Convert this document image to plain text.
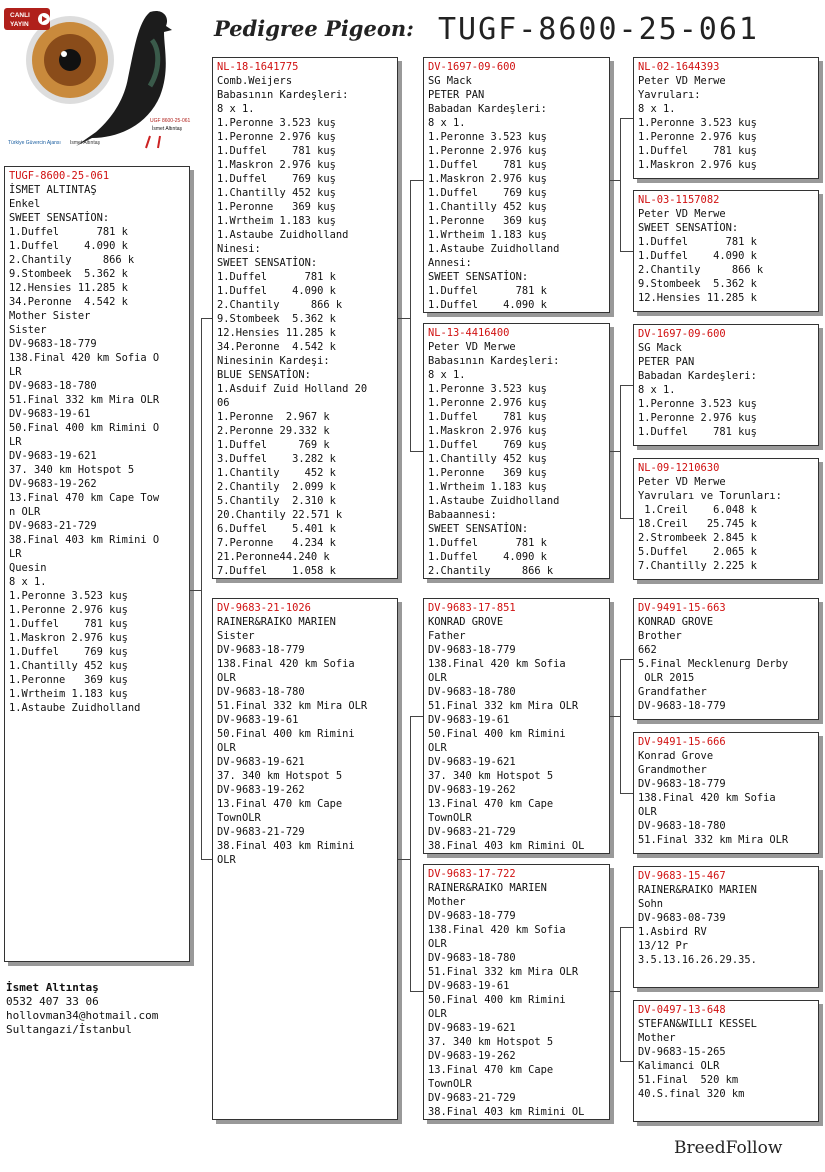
CANLI
YAYIN
Türkiye Güvercin Ajansı Ismet Altıntaş
UGF 8600-25-061
İsmet Altıntaş
Pedigree Pigeon: TUGF-8600-25-061
TUGF-8600-25-061
İSMET ALTINTAŞ
Enkel
SWEET SENSATİON:
1.Duffel      781 k
1.Duffel    4.090 k
2.Chantily     866 k
9.Stombeek  5.362 k
12.Hensies 11.285 k
34.Peronne  4.542 k
Mother Sister
Sister
DV-9683-18-779
138.Final 420 km Sofia O
LR
DV-9683-18-780
51.Final 332 km Mira OLR
DV-9683-19-61
50.Final 400 km Rimini O
LR
DV-9683-19-621
37. 340 km Hotspot 5
DV-9683-19-262
13.Final 470 km Cape Tow
n OLR
DV-9683-21-729
38.Final 403 km Rimini O
LR
Quesin
8 x 1.
1.Peronne 3.523 kuş
1.Peronne 2.976 kuş
1.Duffel    781 kuş
1.Maskron 2.976 kuş
1.Duffel    769 kuş
1.Chantilly 452 kuş
1.Peronne   369 kuş
1.Wrtheim 1.183 kuş
1.Astaube Zuidholland
NL-18-1641775
Comb.Weijers
Babasının Kardeşleri:
8 x 1.
1.Peronne 3.523 kuş
1.Peronne 2.976 kuş
1.Duffel    781 kuş
1.Maskron 2.976 kuş
1.Duffel    769 kuş
1.Chantilly 452 kuş
1.Peronne   369 kuş
1.Wrtheim 1.183 kuş
1.Astaube Zuidholland
Ninesi:
SWEET SENSATİON:
1.Duffel      781 k
1.Duffel    4.090 k
2.Chantily     866 k
9.Stombeek  5.362 k
12.Hensies 11.285 k
34.Peronne  4.542 k
Ninesinin Kardeşi:
BLUE SENSATİON:
1.Asduif Zuid Holland 20
06
1.Peronne  2.967 k
2.Peronne 29.332 k
1.Duffel     769 k
3.Duffel    3.282 k
1.Chantily    452 k
2.Chantily  2.099 k
5.Chantily  2.310 k
20.Chantily 22.571 k
6.Duffel    5.401 k
7.Peronne   4.234 k
21.Peronne44.240 k
7.Duffel    1.058 k
DV-9683-21-1026
RAINER&RAIKO MARIEN
Sister
DV-9683-18-779
138.Final 420 km Sofia
OLR
DV-9683-18-780
51.Final 332 km Mira OLR
DV-9683-19-61
50.Final 400 km Rimini
OLR
DV-9683-19-621
37. 340 km Hotspot 5
DV-9683-19-262
13.Final 470 km Cape
TownOLR
DV-9683-21-729
38.Final 403 km Rimini
OLR
DV-1697-09-600
SG Mack
PETER PAN
Babadan Kardeşleri:
8 x 1.
1.Peronne 3.523 kuş
1.Peronne 2.976 kuş
1.Duffel    781 kuş
1.Maskron 2.976 kuş
1.Duffel    769 kuş
1.Chantilly 452 kuş
1.Peronne   369 kuş
1.Wrtheim 1.183 kuş
1.Astaube Zuidholland
Annesi:
SWEET SENSATİON:
1.Duffel      781 k
1.Duffel    4.090 k
NL-13-4416400
Peter VD Merwe
Babasının Kardeşleri:
8 x 1.
1.Peronne 3.523 kuş
1.Peronne 2.976 kuş
1.Duffel    781 kuş
1.Maskron 2.976 kuş
1.Duffel    769 kuş
1.Chantilly 452 kuş
1.Peronne   369 kuş
1.Wrtheim 1.183 kuş
1.Astaube Zuidholland
Babaannesi:
SWEET SENSATİON:
1.Duffel      781 k
1.Duffel    4.090 k
2.Chantily     866 k
DV-9683-17-851
KONRAD GROVE
Father
DV-9683-18-779
138.Final 420 km Sofia
OLR
DV-9683-18-780
51.Final 332 km Mira OLR
DV-9683-19-61
50.Final 400 km Rimini
OLR
DV-9683-19-621
37. 340 km Hotspot 5
DV-9683-19-262
13.Final 470 km Cape
TownOLR
DV-9683-21-729
38.Final 403 km Rimini OL
DV-9683-17-722
RAINER&RAIKO MARIEN
Mother
DV-9683-18-779
138.Final 420 km Sofia
OLR
DV-9683-18-780
51.Final 332 km Mira OLR
DV-9683-19-61
50.Final 400 km Rimini
OLR
DV-9683-19-621
37. 340 km Hotspot 5
DV-9683-19-262
13.Final 470 km Cape
TownOLR
DV-9683-21-729
38.Final 403 km Rimini OL
NL-02-1644393
Peter VD Merwe
Yavruları:
8 x 1.
1.Peronne 3.523 kuş
1.Peronne 2.976 kuş
1.Duffel    781 kuş
1.Maskron 2.976 kuş
NL-03-1157082
Peter VD Merwe
SWEET SENSATİON:
1.Duffel      781 k
1.Duffel    4.090 k
2.Chantily     866 k
9.Stombeek  5.362 k
12.Hensies 11.285 k
DV-1697-09-600
SG Mack
PETER PAN
Babadan Kardeşleri:
8 x 1.
1.Peronne 3.523 kuş
1.Peronne 2.976 kuş
1.Duffel    781 kuş
NL-09-1210630
Peter VD Merwe
Yavruları ve Torunları:
1.Creil    6.048 k
18.Creil   25.745 k
2.Strombeek 2.845 k
5.Duffel    2.065 k
7.Chantilly 2.225 k
DV-9491-15-663
KONRAD GROVE
Brother
662
5.Final Mecklenurg Derby
OLR 2015
Grandfather
DV-9683-18-779
DV-9491-15-666
Konrad Grove
Grandmother
DV-9683-18-779
138.Final 420 km Sofia
OLR
DV-9683-18-780
51.Final 332 km Mira OLR
DV-9683-15-467
RAINER&RAIKO MARIEN
Sohn
DV-9683-08-739
1.Asbird RV
13/12 Pr
3.5.13.16.26.29.35.
DV-0497-13-648
STEFAN&WILLI KESSEL
Mother
DV-9683-15-265
Kalimanci OLR
51.Final  520 km
40.S.final 320 km
İsmet Altıntaş
0532 407 33 06
hollovman34@hotmail.com
Sultangazi/İstanbul
BreedFollow
